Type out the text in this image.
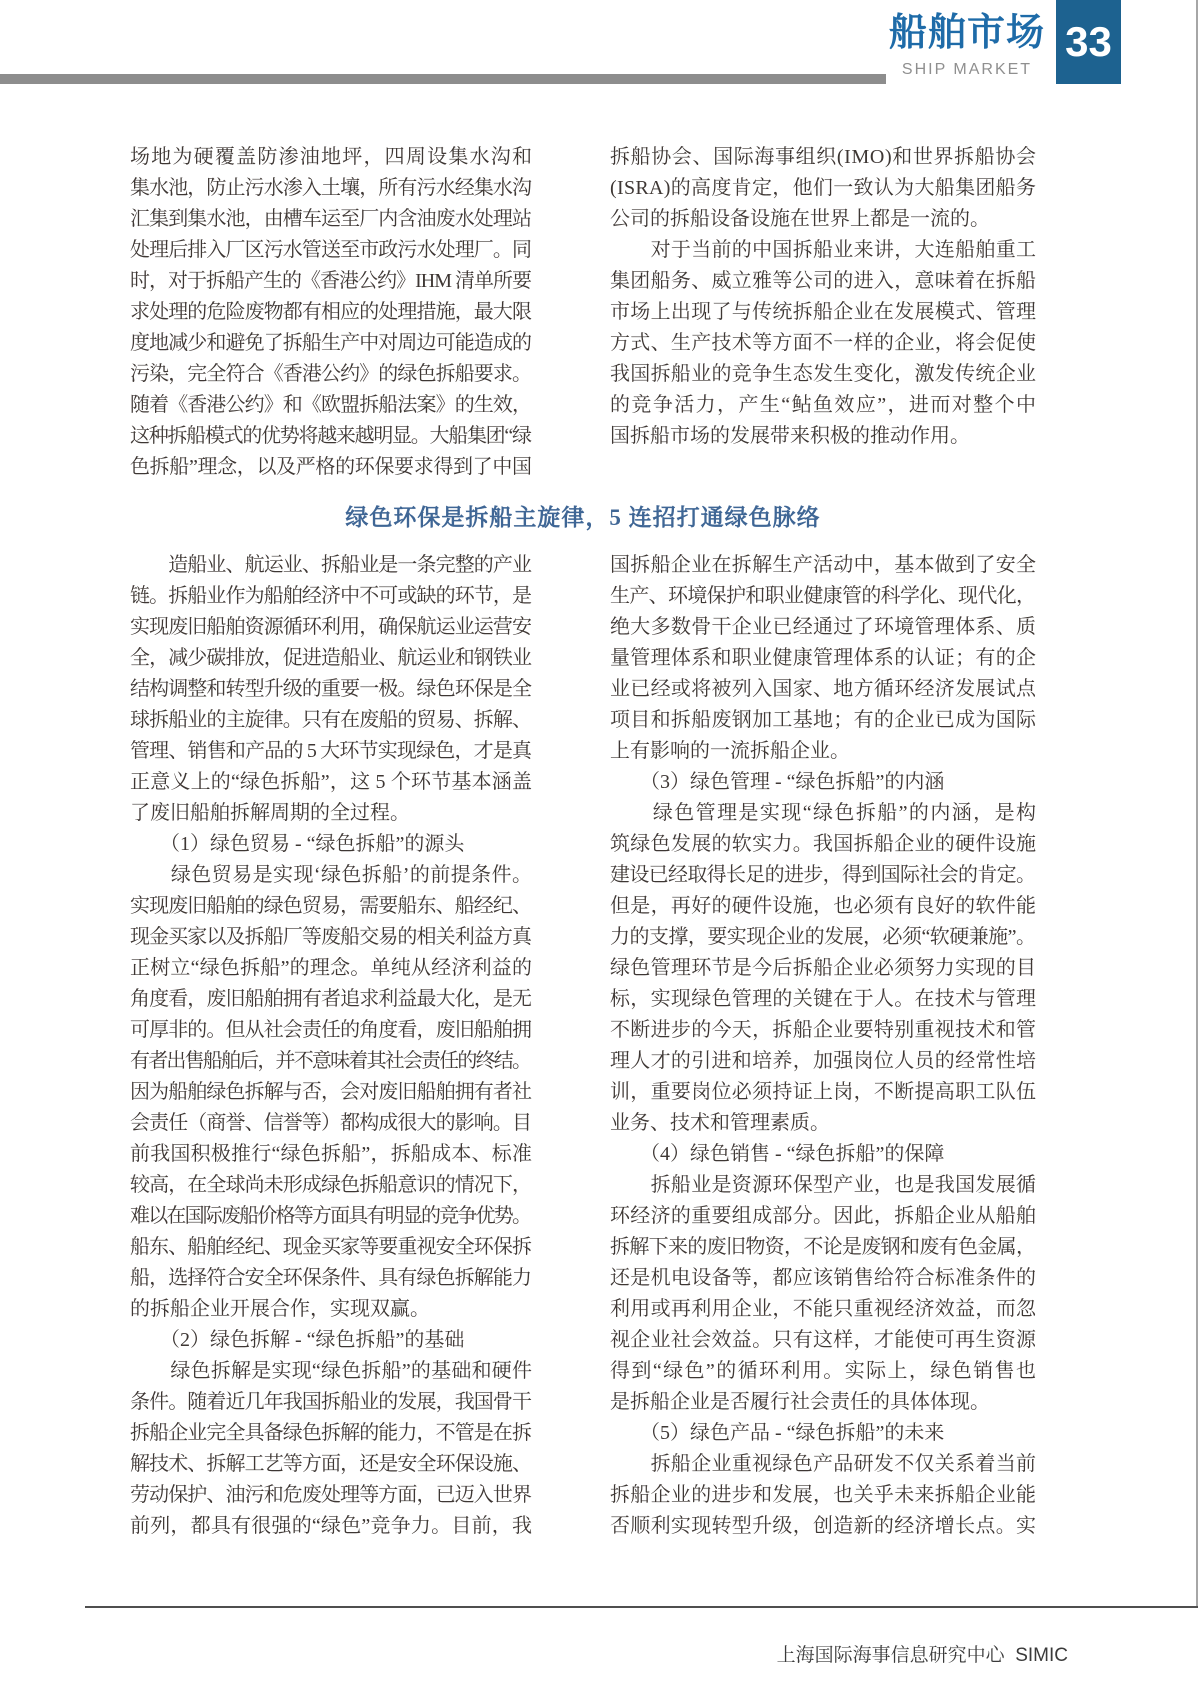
船舶市场
SHIP MARKET
33
场地为硬覆盖防渗油地坪，四周设集水沟和
集水池，防止污水渗入土壤，所有污水经集水沟
汇集到集水池，由槽车运至厂内含油废水处理站
处理后排入厂区污水管送至市政污水处理厂。同
时，对于拆船产生的《香港公约》IHM 清单所要
求处理的危险废物都有相应的处理措施，最大限
度地减少和避免了拆船生产中对周边可能造成的
污染，完全符合《香港公约》的绿色拆船要求。
随着《香港公约》和《欧盟拆船法案》的生效，
这种拆船模式的优势将越来越明显。大船集团“绿
色拆船”理念，以及严格的环保要求得到了中国
拆船协会、国际海事组织(IMO)和世界拆船协会
(ISRA)的高度肯定，他们一致认为大船集团船务
公司的拆船设备设施在世界上都是一流的。
　　对于当前的中国拆船业来讲，大连船舶重工
集团船务、威立雅等公司的进入，意味着在拆船
市场上出现了与传统拆船企业在发展模式、管理
方式、生产技术等方面不一样的企业，将会促使
我国拆船业的竞争生态发生变化，激发传统企业
的竞争活力，产生“鲇鱼效应”，进而对整个中
国拆船市场的发展带来积极的推动作用。
绿色环保是拆船主旋律，5 连招打通绿色脉络
　　造船业、航运业、拆船业是一条完整的产业
链。拆船业作为船舶经济中不可或缺的环节，是
实现废旧船舶资源循环利用，确保航运业运营安
全，减少碳排放，促进造船业、航运业和钢铁业
结构调整和转型升级的重要一极。绿色环保是全
球拆船业的主旋律。只有在废船的贸易、拆解、
管理、销售和产品的 5 大环节实现绿色，才是真
正意义上的“绿色拆船”，这 5 个环节基本涵盖
了废旧船舶拆解周期的全过程。
　　（1）绿色贸易 - “绿色拆船”的源头
　　绿色贸易是实现‘绿色拆船’的前提条件。
实现废旧船舶的绿色贸易，需要船东、船经纪、
现金买家以及拆船厂等废船交易的相关利益方真
正树立“绿色拆船”的理念。单纯从经济利益的
角度看，废旧船舶拥有者追求利益最大化，是无
可厚非的。但从社会责任的角度看，废旧船舶拥
有者出售船舶后，并不意味着其社会责任的终结。
因为船舶绿色拆解与否，会对废旧船舶拥有者社
会责任（商誉、信誉等）都构成很大的影响。目
前我国积极推行“绿色拆船”，拆船成本、标准
较高，在全球尚未形成绿色拆船意识的情况下，
难以在国际废船价格等方面具有明显的竞争优势。
船东、船舶经纪、现金买家等要重视安全环保拆
船，选择符合安全环保条件、具有绿色拆解能力
的拆船企业开展合作，实现双赢。
　　（2）绿色拆解 - “绿色拆船”的基础
　　绿色拆解是实现“绿色拆船”的基础和硬件
条件。随着近几年我国拆船业的发展，我国骨干
拆船企业完全具备绿色拆解的能力，不管是在拆
解技术、拆解工艺等方面，还是安全环保设施、
劳动保护、油污和危废处理等方面，已迈入世界
前列，都具有很强的“绿色”竞争力。目前，我
国拆船企业在拆解生产活动中，基本做到了安全
生产、环境保护和职业健康管的科学化、现代化，
绝大多数骨干企业已经通过了环境管理体系、质
量管理体系和职业健康管理体系的认证；有的企
业已经或将被列入国家、地方循环经济发展试点
项目和拆船废钢加工基地；有的企业已成为国际
上有影响的一流拆船企业。
　　（3）绿色管理 - “绿色拆船”的内涵
　　绿色管理是实现“绿色拆船”的内涵，是构
筑绿色发展的软实力。我国拆船企业的硬件设施
建设已经取得长足的进步，得到国际社会的肯定。
但是，再好的硬件设施，也必须有良好的软件能
力的支撑，要实现企业的发展，必须“软硬兼施”。
绿色管理环节是今后拆船企业必须努力实现的目
标，实现绿色管理的关键在于人。在技术与管理
不断进步的今天，拆船企业要特别重视技术和管
理人才的引进和培养，加强岗位人员的经常性培
训，重要岗位必须持证上岗，不断提高职工队伍
业务、技术和管理素质。
　　（4）绿色销售 - “绿色拆船”的保障
　　拆船业是资源环保型产业，也是我国发展循
环经济的重要组成部分。因此，拆船企业从船舶
拆解下来的废旧物资，不论是废钢和废有色金属，
还是机电设备等，都应该销售给符合标准条件的
利用或再利用企业，不能只重视经济效益，而忽
视企业社会效益。只有这样，才能使可再生资源
得到“绿色”的循环利用。实际上，绿色销售也
是拆船企业是否履行社会责任的具体体现。
　　（5）绿色产品 - “绿色拆船”的未来
　　拆船企业重视绿色产品研发不仅关系着当前
拆船企业的进步和发展，也关乎未来拆船企业能
否顺利实现转型升级，创造新的经济增长点。实

上海国际海事信息研究中心  SIMIC
